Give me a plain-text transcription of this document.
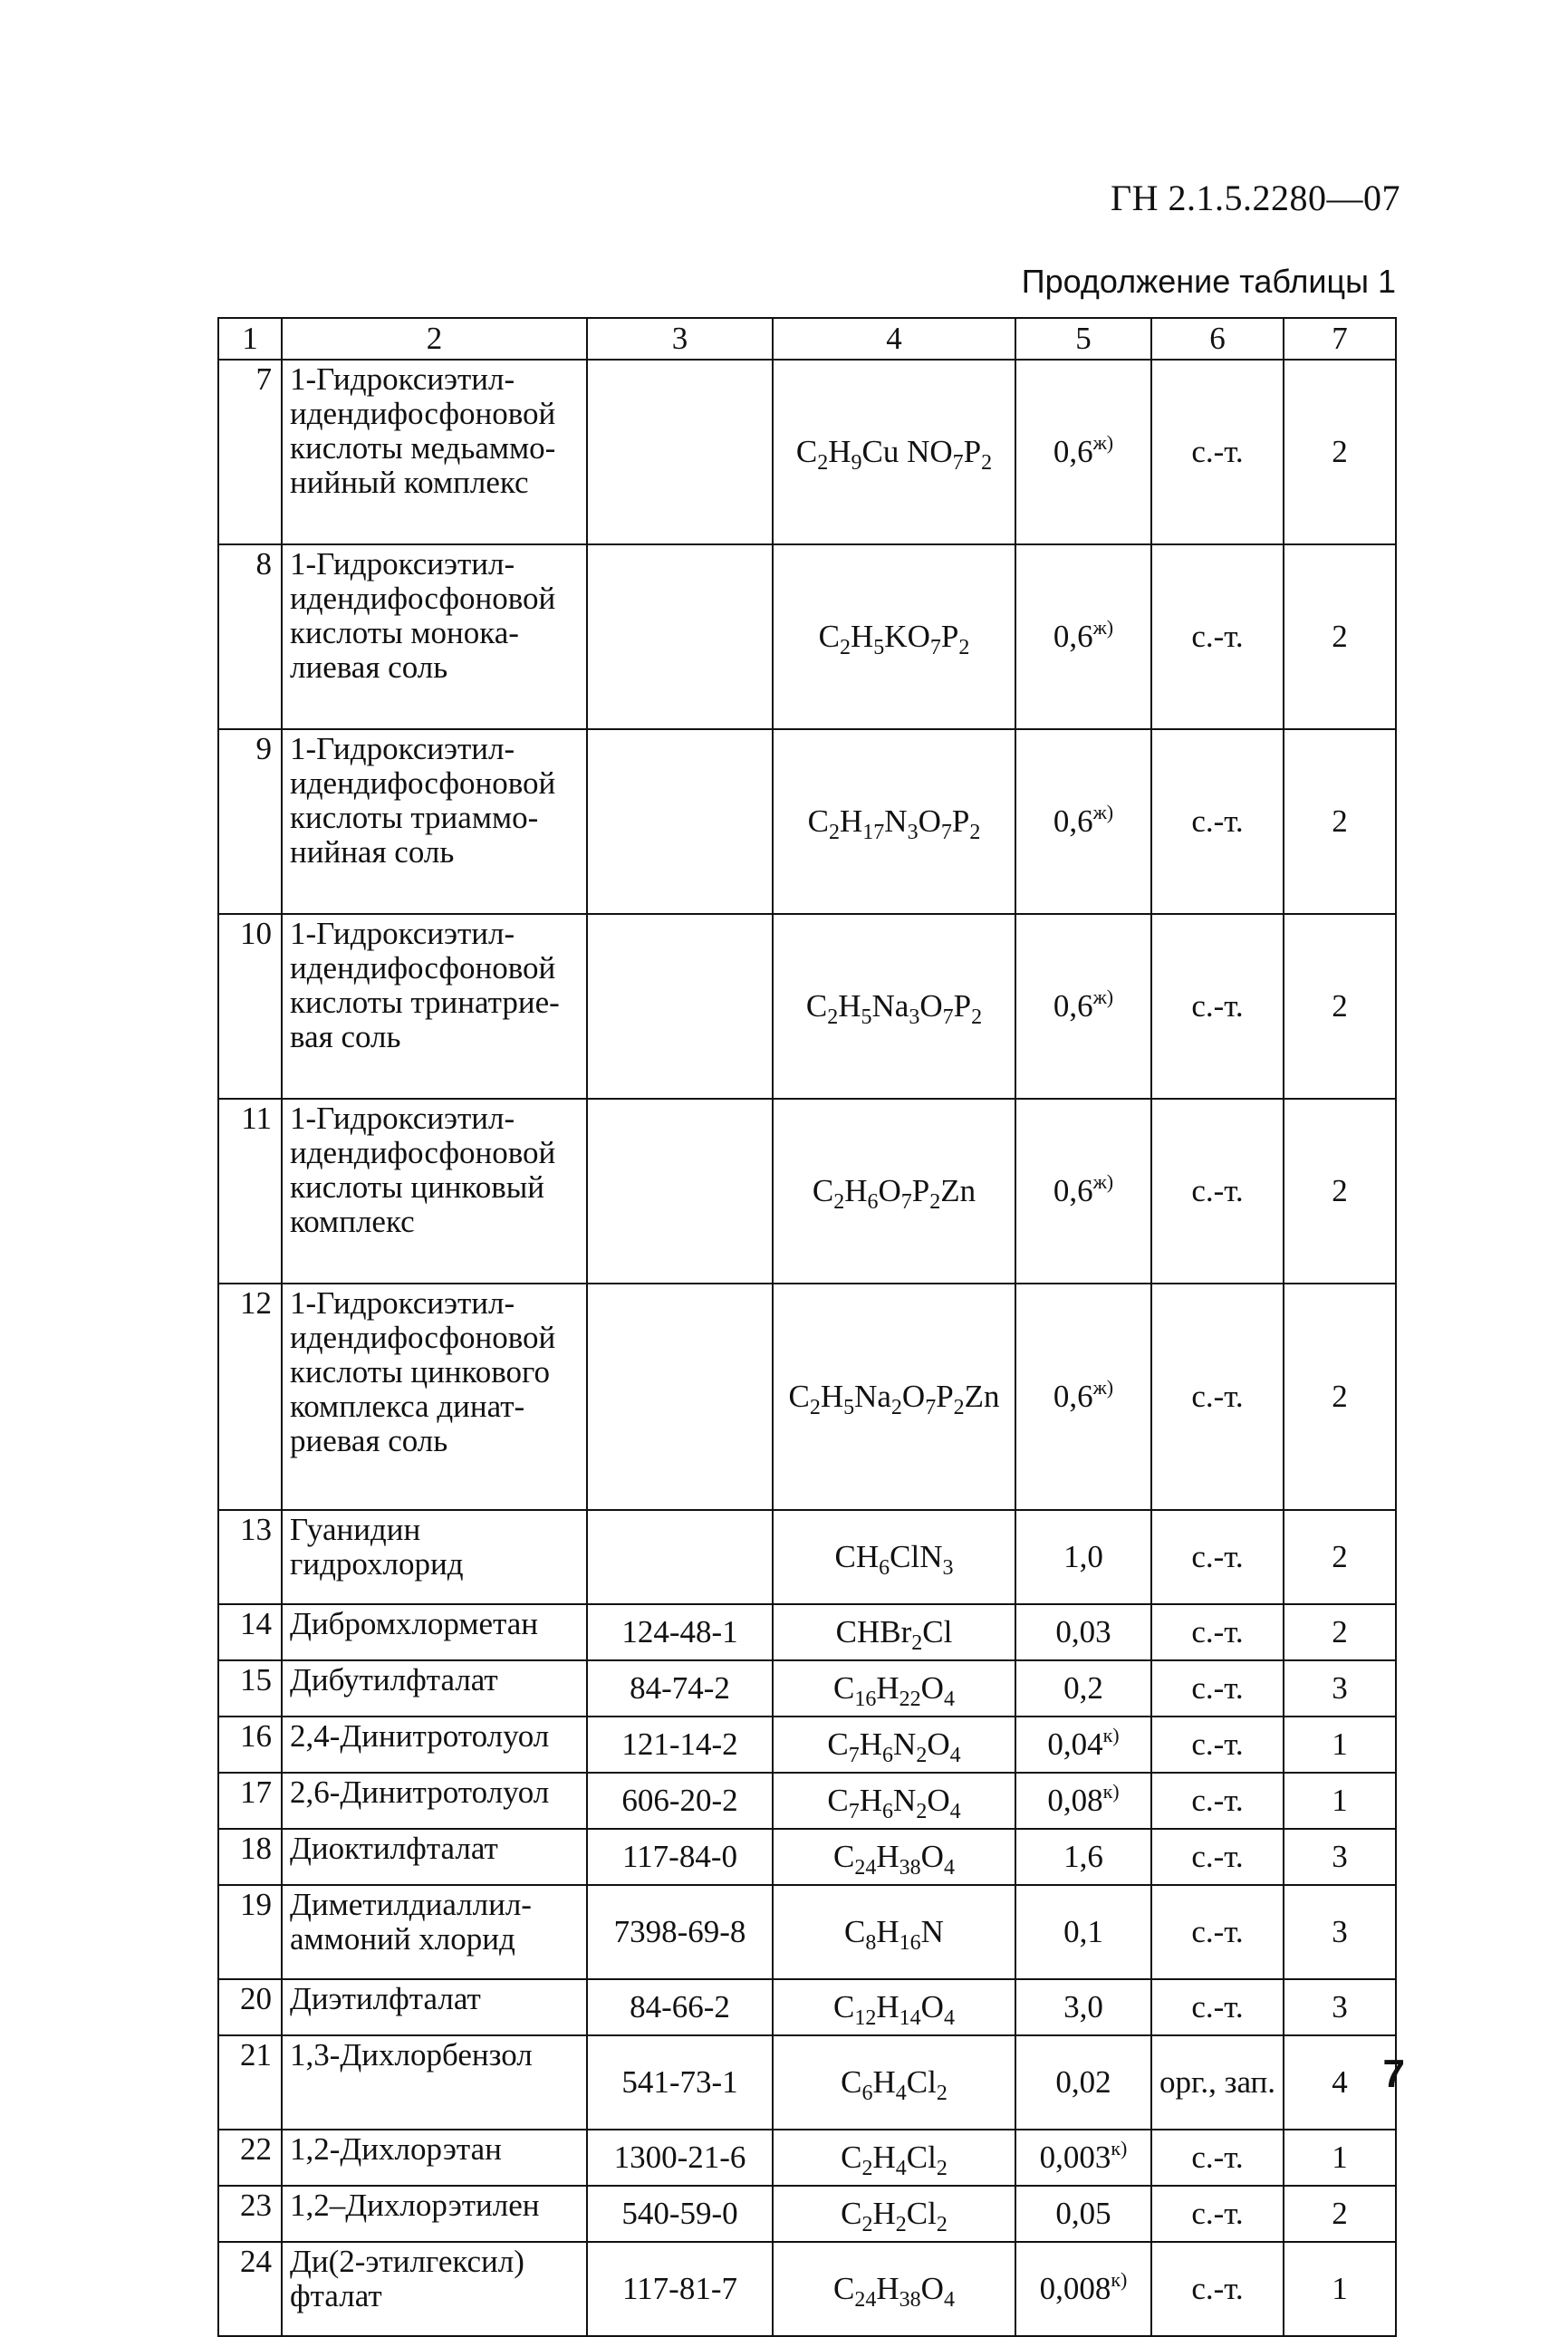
ГН 2.1.5.2280—07
Продолжение таблицы 1
1	2	3	4	5	6	7
7	1-Гидроксиэтил-идендифосфоновой кислоты медьаммо-нийный комплекс		$C_2H_9Cu$ $NO_7P_2$	$0,6^{ж)}$	с.-т.	2
8	1-Гидроксиэтил-идендифосфоновой кислоты монока-лиевая соль		$C_2H_5KO_7P_2$	$0,6^{ж)}$	с.-т.	2
9	1-Гидроксиэтил-идендифосфоновой кислоты триаммо-нийная соль		$C_2H_{17}N_3O_7P_2$	$0,6^{ж)}$	с.-т.	2
10	1-Гидроксиэтил-идендифосфоновой кислоты тринатрие-вая соль		$C_2H_5Na_3O_7P_2$	$0,6^{ж)}$	с.-т.	2
11	1-Гидроксиэтил-идендифосфоновой кислоты цинковый комплекс		$C_2H_6O_7P_2Zn$	$0,6^{ж)}$	с.-т.	2
12	1-Гидроксиэтил-идендифосфоновой кислоты цинкового комплекса динат-риевая соль		$C_2H_5Na_2O_7P_2Zn$	$0,6^{ж)}$	с.-т.	2
13	Гуанидин гидрохлорид		$CH_6ClN_3$	1,0	с.-т.	2
14	Дибромхлорметан	124-48-1	CHBr$_2$Cl	0,03	с.-т.	2
15	Дибутилфталат	84-74-2	$C_{16}H_{22}O_4$	0,2	с.-т.	3
16	2,4-Динитротолуол	121-14-2	$C_7H_6N_2O_4$	$0,04^{к)}$	с.-т.	1
17	2,6-Динитротолуол	606-20-2	$C_7H_6N_2O_4$	$0,08^{к)}$	с.-т.	1
18	Диоктилфталат	117-84-0	$C_{24}H_{38}O_4$	1,6	с.-т.	3
19	Диметилдиаллил-аммоний хлорид	7398-69-8	$C_8H_{16}N$	0,1	с.-т.	3
20	Диэтилфталат	84-66-2	$C_{12}H_{14}O_4$	3,0	с.-т.	3
21	1,3-Дихлорбензол	541-73-1	$C_6H_4Cl_2$	0,02	орг., зап.	4
22	1,2-Дихлорэтан	1300-21-6	$C_2H_4Cl_2$	$0,003^{к)}$	с.-т.	1
23	1,2–Дихлорэтилен	540-59-0	$C_2H_2Cl_2$	0,05	с.-т.	2
24	Ди(2-этилгексил) фталат	117-81-7	$C_{24}H_{38}O_4$	$0,008^{к)}$	с.-т.	1
7
